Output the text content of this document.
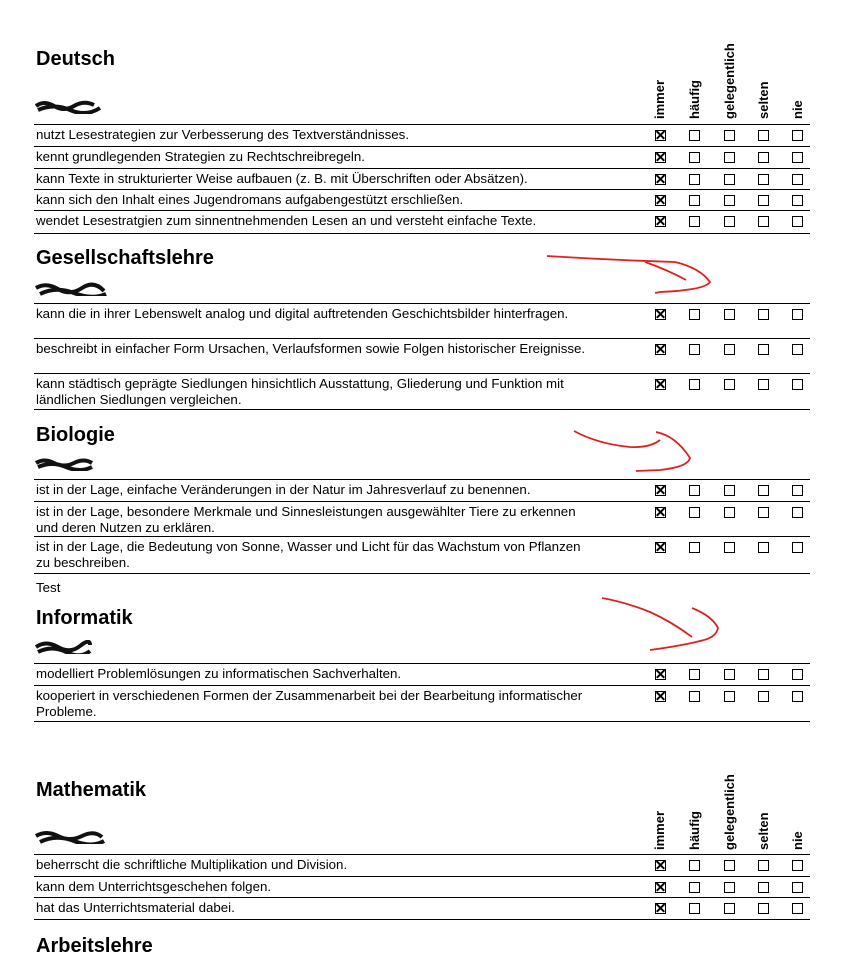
Deutsch
immer häufig gelegentlich selten nie
nutzt Lesestrategien zur Verbesserung des Textverständnisses.
kennt grundlegenden Strategien zu Rechtschreibregeln.
kann Texte in strukturierter Weise aufbauen (z. B. mit Überschriften oder Absätzen).
kann sich den Inhalt eines Jugendromans aufgabengestützt erschließen.
wendet Lesestratgien zum sinnentnehmenden Lesen an und versteht einfache Texte.
Gesellschaftslehre
kann die in ihrer Lebenswelt analog und digital auftretenden Geschichtsbilder hinterfragen.
beschreibt in einfacher Form Ursachen, Verlaufsformen sowie Folgen historischer Ereignisse.
kann städtisch geprägte Siedlungen hinsichtlich Ausstattung, Gliederung und Funktion mit ländlichen Siedlungen vergleichen.
Biologie
ist in der Lage, einfache Veränderungen in der Natur im Jahresverlauf zu benennen.
ist in der Lage, besondere Merkmale und Sinnesleistungen ausgewählter Tiere zu erkennen und deren Nutzen zu erklären.
ist in der Lage, die Bedeutung von Sonne, Wasser und Licht für das Wachstum von Pflanzen zu beschreiben.
Test
Informatik
modelliert Problemlösungen zu informatischen Sachverhalten.
kooperiert in verschiedenen Formen der Zusammenarbeit bei der Bearbeitung informatischer Probleme.
Mathematik
immer häufig gelegentlich selten nie
beherrscht die schriftliche Multiplikation und Division.
kann dem Unterrichtsgeschehen folgen.
hat das Unterrichtsmaterial dabei.
Arbeitslehre
